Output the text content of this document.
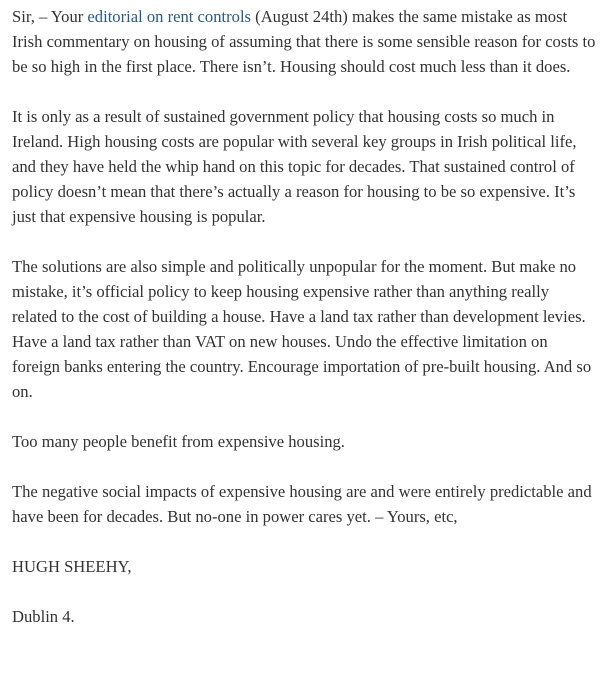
Sir, – Your editorial on rent controls (August 24th) makes the same mistake as most Irish commentary on housing of assuming that there is some sensible reason for costs to be so high in the first place. There isn’t. Housing should cost much less than it does.

It is only as a result of sustained government policy that housing costs so much in Ireland. High housing costs are popular with several key groups in Irish political life, and they have held the whip hand on this topic for decades. That sustained control of policy doesn’t mean that there’s actually a reason for housing to be so expensive. It’s just that expensive housing is popular.

The solutions are also simple and politically unpopular for the moment. But make no mistake, it’s official policy to keep housing expensive rather than anything really related to the cost of building a house. Have a land tax rather than development levies. Have a land tax rather than VAT on new houses. Undo the effective limitation on foreign banks entering the country. Encourage importation of pre-built housing. And so on.

Too many people benefit from expensive housing.

The negative social impacts of expensive housing are and were entirely predictable and have been for decades. But no-one in power cares yet. – Yours, etc,

HUGH SHEEHY,

Dublin 4.
